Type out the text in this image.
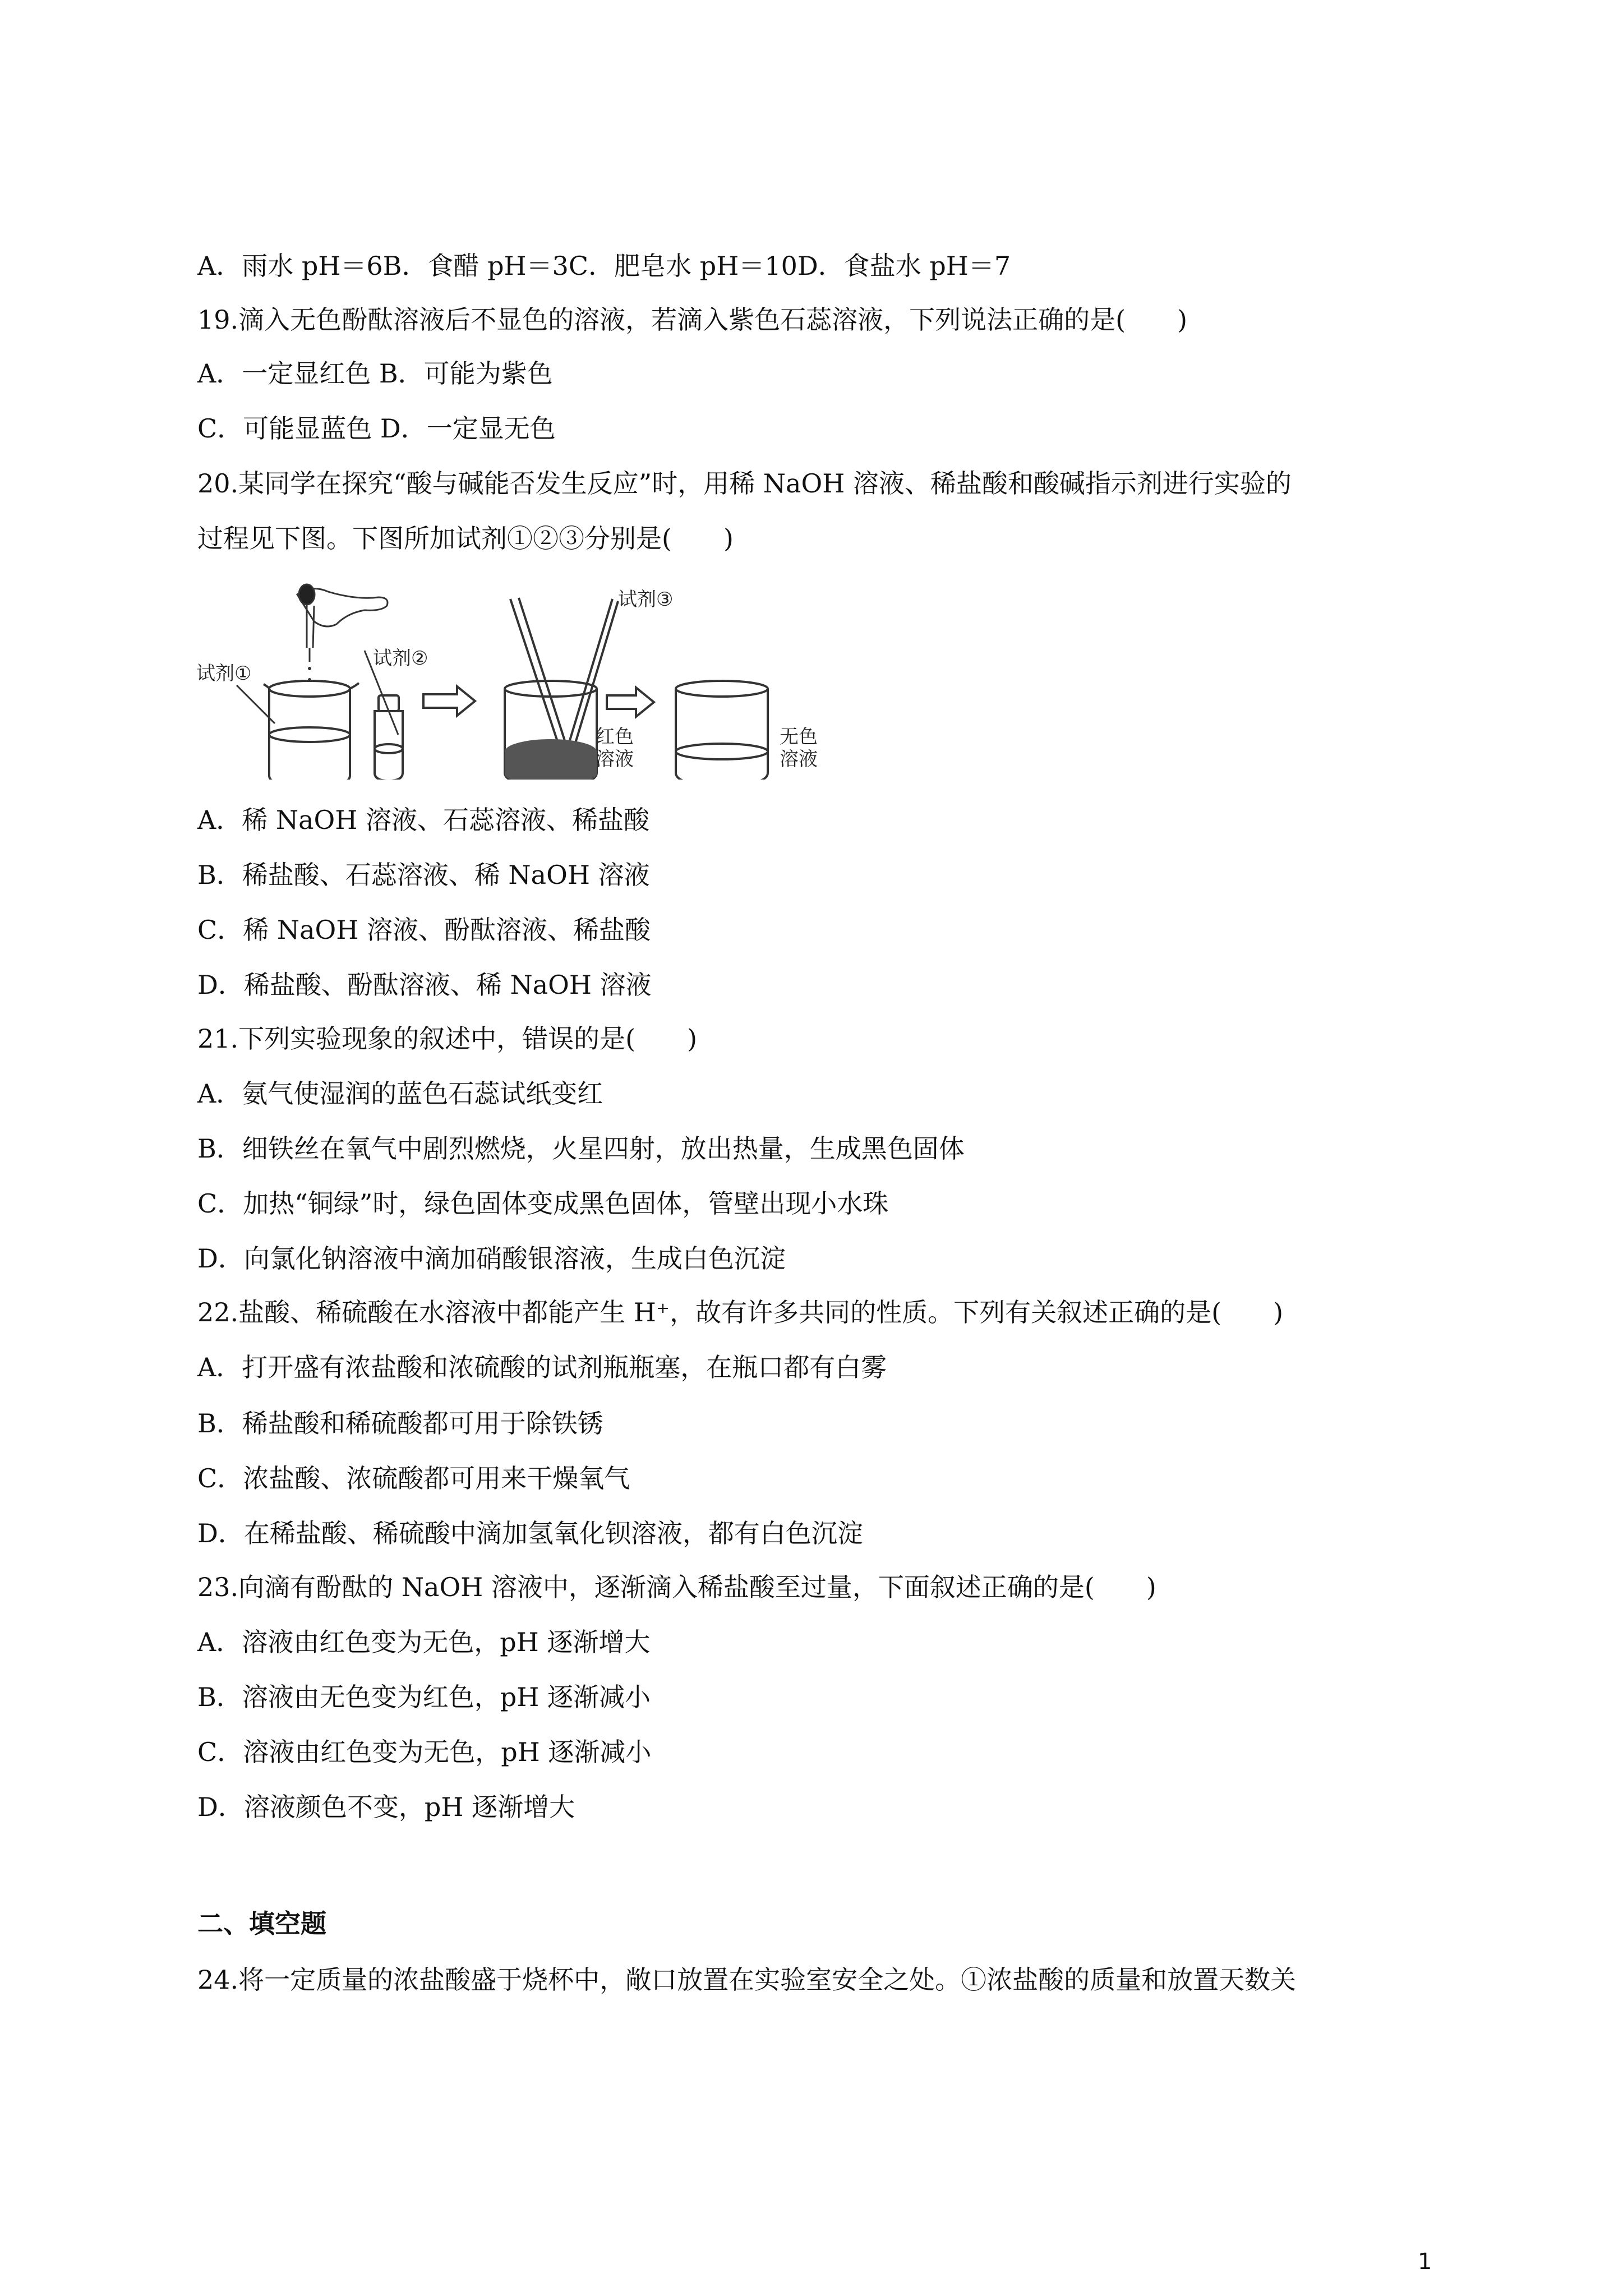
A．雨水 pH＝6B．食醋 pH＝3C．肥皂水 pH＝10D．食盐水 pH＝7
19.滴入无色酚酞溶液后不显色的溶液，若滴入紫色石蕊溶液，下列说法正确的是(　　)
A．一定显红色 B．可能为紫色
C．可能显蓝色 D．一定显无色
20.某同学在探究“酸与碱能否发生反应”时，用稀 NaOH 溶液、稀盐酸和酸碱指示剂进行实验的
过程见下图。下图所加试剂①②③分别是(　　)
试剂①
试剂②
试剂③
红色
溶液
无色
溶液
A．稀 NaOH 溶液、石蕊溶液、稀盐酸
B．稀盐酸、石蕊溶液、稀 NaOH 溶液
C．稀 NaOH 溶液、酚酞溶液、稀盐酸
D．稀盐酸、酚酞溶液、稀 NaOH 溶液
21.下列实验现象的叙述中，错误的是(　　)
A．氨气使湿润的蓝色石蕊试纸变红
B．细铁丝在氧气中剧烈燃烧，火星四射，放出热量，生成黑色固体
C．加热“铜绿”时，绿色固体变成黑色固体，管壁出现小水珠
D．向氯化钠溶液中滴加硝酸银溶液，生成白色沉淀
22.盐酸、稀硫酸在水溶液中都能产生 H⁺，故有许多共同的性质。下列有关叙述正确的是(　　)
A．打开盛有浓盐酸和浓硫酸的试剂瓶瓶塞，在瓶口都有白雾
B．稀盐酸和稀硫酸都可用于除铁锈
C．浓盐酸、浓硫酸都可用来干燥氧气
D．在稀盐酸、稀硫酸中滴加氢氧化钡溶液，都有白色沉淀
23.向滴有酚酞的 NaOH 溶液中，逐渐滴入稀盐酸至过量，下面叙述正确的是(　　)
A．溶液由红色变为无色，pH 逐渐增大
B．溶液由无色变为红色，pH 逐渐减小
C．溶液由红色变为无色，pH 逐渐减小
D．溶液颜色不变，pH 逐渐增大
二、填空题
24.将一定质量的浓盐酸盛于烧杯中，敞口放置在实验室安全之处。①浓盐酸的质量和放置天数关
1
